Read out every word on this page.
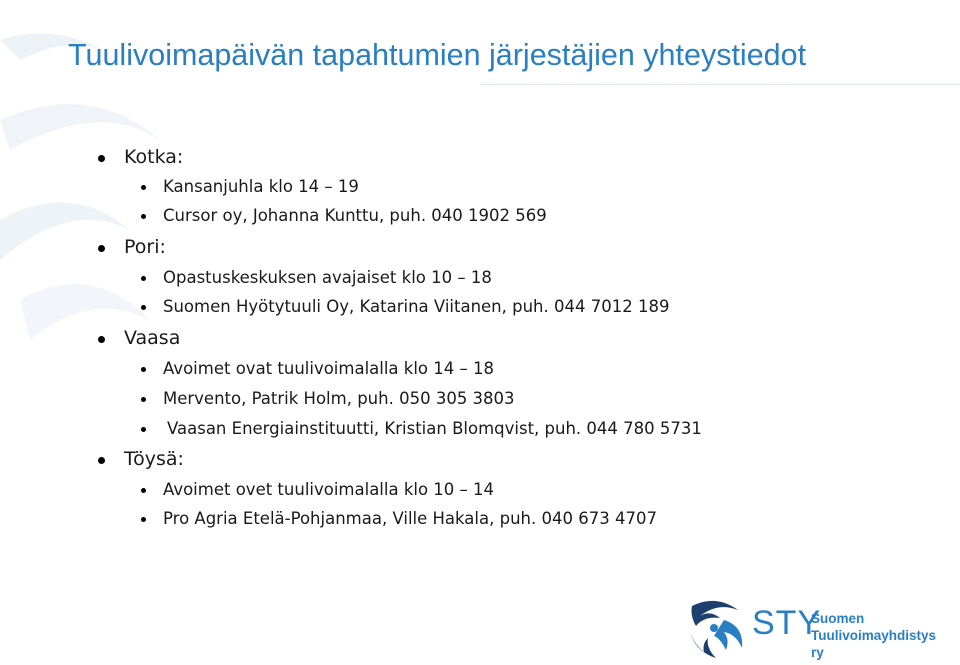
Tuulivoimapäivän tapahtumien järjestäjien yhteystiedot
Kotka:
Kansanjuhla klo 14 – 19
Cursor oy, Johanna Kunttu, puh. 040 1902 569
Pori:
Opastuskeskuksen avajaiset klo 10 – 18
Suomen Hyötytuuli Oy, Katarina Viitanen, puh. 044 7012 189
Vaasa
Avoimet ovat tuulivoimalalla klo 14 – 18
Mervento, Patrik Holm, puh. 050 305 3803
Vaasan Energiainstituutti, Kristian Blomqvist, puh. 044 780 5731
Töysä:
Avoimet ovet tuulivoimalalla klo 10 – 14
Pro Agria Etelä-Pohjanmaa, Ville Hakala, puh. 040 673 4707
STY
Suomen
Tuulivoimayhdistys ry
